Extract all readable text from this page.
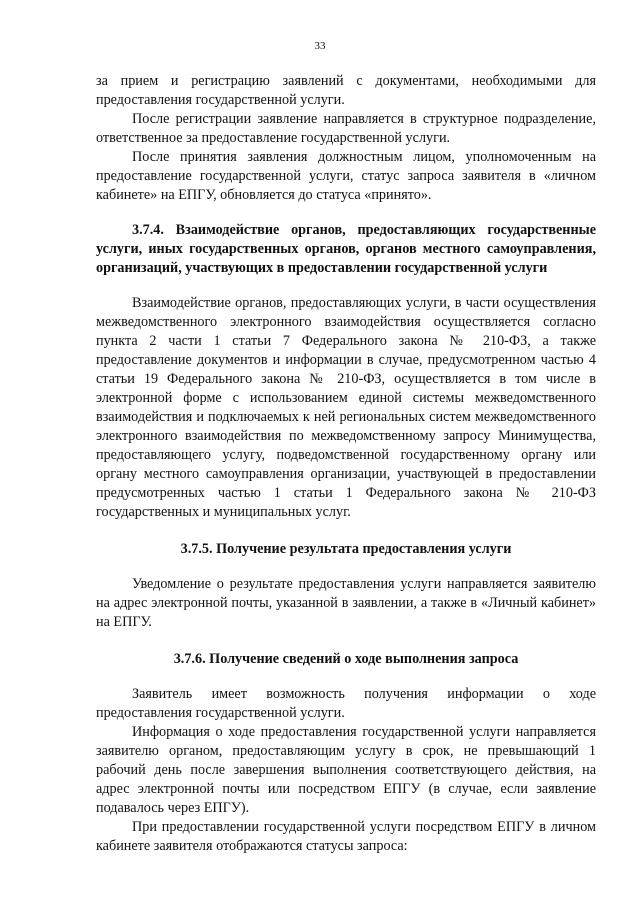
33

за прием и регистрацию заявлений с документами, необходимыми для предоставления государственной услуги.

После регистрации заявление направляется в структурное подразделение, ответственное за предоставление государственной услуги.

После принятия заявления должностным лицом, уполномоченным на предоставление государственной услуги, статус запроса заявителя в «личном кабинете» на ЕПГУ, обновляется до статуса «принято».

3.7.4. Взаимодействие органов, предоставляющих государственные услуги, иных государственных органов, органов местного самоуправления, организаций, участвующих в предоставлении государственной услуги

Взаимодействие органов, предоставляющих услуги, в части осуществления межведомственного электронного взаимодействия осуществляется согласно пункта 2 части 1 статьи 7 Федерального закона № 210-ФЗ, а также предоставление документов и информации в случае, предусмотренном частью 4 статьи 19 Федерального закона № 210-ФЗ, осуществляется в том числе в электронной форме с использованием единой системы межведомственного взаимодействия и подключаемых к ней региональных систем межведомственного электронного взаимодействия по межведомственному запросу Минимущества, предоставляющего услугу, подведомственной государственному органу или органу местного самоуправления организации, участвующей в предоставлении предусмотренных частью 1 статьи 1 Федерального закона № 210-ФЗ государственных и муниципальных услуг.

3.7.5. Получение результата предоставления услуги

Уведомление о результате предоставления услуги направляется заявителю на адрес электронной почты, указанной в заявлении, а также в «Личный кабинет» на ЕПГУ.

3.7.6. Получение сведений о ходе выполнения запроса

Заявитель имеет возможность получения информации о ходе предоставления государственной услуги.

Информация о ходе предоставления государственной услуги направляется заявителю органом, предоставляющим услугу в срок, не превышающий 1 рабочий день после завершения выполнения соответствующего действия, на адрес электронной почты или посредством ЕПГУ (в случае, если заявление подавалось через ЕПГУ).

При предоставлении государственной услуги посредством ЕПГУ в личном кабинете заявителя отображаются статусы запроса:
